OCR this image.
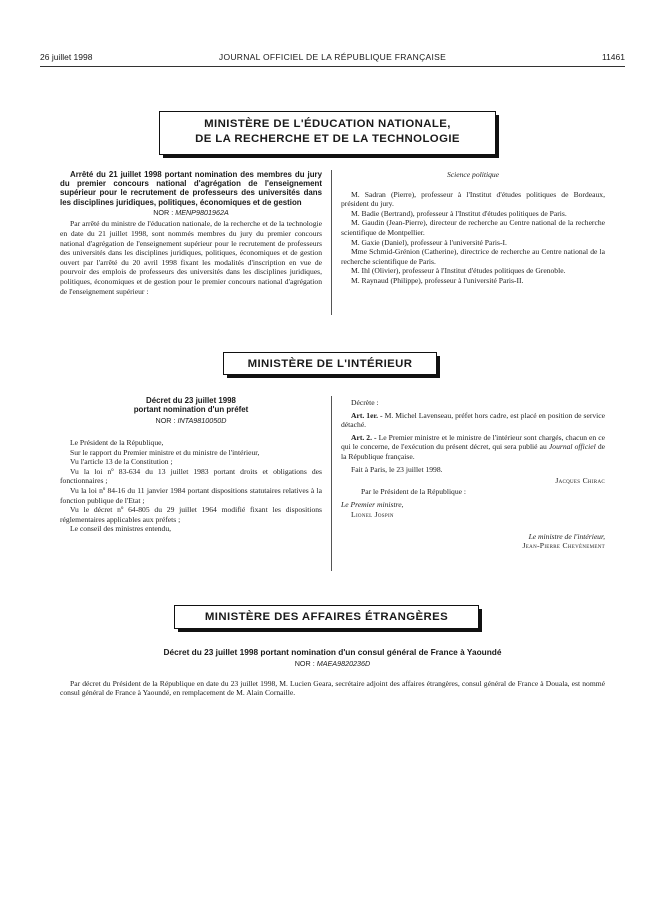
26 juillet 1998	JOURNAL OFFICIEL DE LA RÉPUBLIQUE FRANÇAISE	11461
MINISTÈRE DE L'ÉDUCATION NATIONALE,
DE LA RECHERCHE ET DE LA TECHNOLOGIE
Arrêté du 21 juillet 1998 portant nomination des membres du jury du premier concours national d'agrégation de l'enseignement supérieur pour le recrutement de professeurs des universités dans les disciplines juridiques, politiques, économiques et de gestion
NOR : MENP9801962A

Par arrêté du ministre de l'éducation nationale, de la recherche et de la technologie en date du 21 juillet 1998, sont nommés membres du jury du premier concours national d'agrégation de l'enseignement supérieur pour le recrutement de professeurs des universités dans les disciplines juridiques, politiques, économiques et de gestion ouvert par l'arrêté du 20 avril 1998 fixant les modalités d'inscription en vue de pourvoir des emplois de professeurs des universités dans les disciplines juridiques, politiques, économiques et de gestion pour le premier concours national d'agrégation de l'enseignement supérieur :

Science politique

M. Sadran (Pierre), professeur à l'Institut d'études politiques de Bordeaux, président du jury.

M. Badie (Bertrand), professeur à l'Institut d'études politiques de Paris.

M. Gaudin (Jean-Pierre), directeur de recherche au Centre national de la recherche scientifique de Montpellier.

M. Gaxie (Daniel), professeur à l'université Paris-I.

Mme Schmid-Grénion (Catherine), directrice de recherche au Centre national de la recherche scientifique de Paris.

M. Ihl (Olivier), professeur à l'Institut d'études politiques de Grenoble.

M. Raynaud (Philippe), professeur à l'université Paris-II.

MINISTÈRE DE L'INTÉRIEUR
Décret du 23 juillet 1998
portant nomination d'un préfet
NOR : INTA9810050D

Le Président de la République,

Sur le rapport du Premier ministre et du ministre de l'intérieur,

Vu l'article 13 de la Constitution ;

Vu la loi nº 83-634 du 13 juillet 1983 portant droits et obligations des fonctionnaires ;

Vu la loi nº 84-16 du 11 janvier 1984 portant dispositions statutaires relatives à la fonction publique de l'Etat ;

Vu le décret nº 64-805 du 29 juillet 1964 modifié fixant les dispositions réglementaires applicables aux préfets ;

Le conseil des ministres entendu,

Décrète :

Art. 1er. - M. Michel Lavenseau, préfet hors cadre, est placé en position de service détaché.

Art. 2. - Le Premier ministre et le ministre de l'intérieur sont chargés, chacun en ce qui le concerne, de l'exécution du présent décret, qui sera publié au Journal officiel de la République française.

Fait à Paris, le 23 juillet 1998.

Jacques Chirac
Par le Président de la République :
Le Premier ministre,
Lionel Jospin
Le ministre de l'intérieur,
Jean-Pierre Chevènement
MINISTÈRE DES AFFAIRES ÉTRANGÈRES
Décret du 23 juillet 1998 portant nomination d'un consul général de France à Yaoundé
NOR : MAEA9820236D

Par décret du Président de la République en date du 23 juillet 1998, M. Lucien Geara, secrétaire adjoint des affaires étrangères, consul général de France à Douala, est nommé consul général de France à Yaoundé, en remplacement de M. Alain Cornaille.
